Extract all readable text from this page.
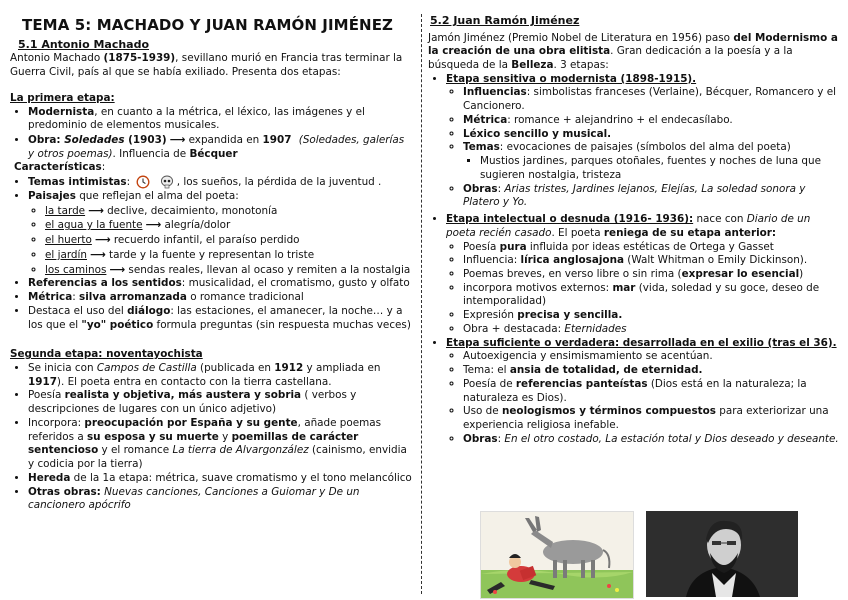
TEMA 5: MACHADO Y JUAN RAMÓN JIMÉNEZ
5.1 Antonio Machado

Antonio Machado (1875-1939), sevillano murió en Francia tras terminar la Guerra Civil, país al que se había exiliado. Presenta dos etapas:

La primera etapa:
• Modernista, en cuanto a la métrica, el léxico, las imágenes y el predominio de elementos musicales.
• Obra: Soledades (1903) ⟶ expandida en 1907 (Soledades, galerías y otros poemas). Influencia de Bécquer

Características:

• Temas intimistas:	, los sueños, la pérdida de la juventud .
• Paisajes que reflejan el alma del poeta:
◦ la tarde ⟶ declive, decaimiento, monotonía
◦ el agua y la fuente ⟶ alegría/dolor
◦ el huerto ⟶ recuerdo infantil, el paraíso perdido
◦ el jardín ⟶ tarde y la fuente y representan lo triste
◦ los caminos ⟶ sendas reales, llevan al ocaso y remiten a la nostalgia
• Referencias a los sentidos: musicalidad, el cromatismo, gusto y olfato
• Métrica: silva arromanzada o romance tradicional
• Destaca el uso del diálogo: las estaciones, el amanecer, la noche… y a los que el "yo" poético formula preguntas (sin respuesta muchas veces)
Segunda etapa: noventayochista
• Se inicia con Campos de Castilla (publicada en 1912 y ampliada en 1917). El poeta entra en contacto con la tierra castellana.
• Poesía realista y objetiva, más austera y sobria ( verbos y descripciones de lugares con un único adjetivo)
• Incorpora: preocupación por España y su gente, añade poemas referidos a su esposa y su muerte y poemillas de carácter sentencioso y el romance La tierra de Alvargonzález (cainismo, envidia y codicia por la tierra)
• Hereda de la 1a etapa: métrica, suave cromatismo y el tono melancólico
• Otras obras: Nuevas canciones, Canciones a Guiomar y De un cancionero apócrifo
5.2 Juan Ramón Jiménez

Jamón Jiménez (Premio Nobel de Literatura en 1956) paso del Modernismo a la creación de una obra elitista. Gran dedicación a la poesía y a la búsqueda de la Belleza. 3 etapas:

• Etapa sensitiva o modernista (1898-1915).
◦ Influencias: simbolistas franceses (Verlaine), Bécquer, Romancero y el Cancionero.
◦ Métrica: romance + alejandrino + el endecasílabo.
◦ Léxico sencillo y musical.
◦ Temas: evocaciones de paisajes (símbolos del alma del poeta)
▪ Mustios jardines, parques otoñales, fuentes y noches de luna que sugieren nostalgia, tristeza
◦ Obras: Arias tristes, Jardines lejanos, Elejías, La soledad sonora y Platero y Yo.
• Etapa intelectual o desnuda (1916- 1936): nace con Diario de un poeta recién casado. El poeta reniega de su etapa anterior:
◦ Poesía pura influida por ideas estéticas de Ortega y Gasset
◦ Influencia: lírica anglosajona (Walt Whitman o Emily Dickinson).
◦ Poemas breves, en verso libre o sin rima (expresar lo esencial)
◦ incorpora motivos externos: mar (vida, soledad y su goce, deseo de intemporalidad)
◦ Expresión precisa y sencilla.
◦ Obra + destacada: Eternidades
• Etapa suficiente o verdadera: desarrollada en el exilio (tras el 36).
◦ Autoexigencia y ensimismamiento se acentúan.
◦ Tema: el ansia de totalidad, de eternidad.
◦ Poesía de referencias panteístas (Dios está en la naturaleza; la naturaleza es Dios).
◦ Uso de neologismos y términos compuestos para exteriorizar una experiencia religiosa inefable.
◦ Obras: En el otro costado, La estación total y Dios deseado y deseante.
